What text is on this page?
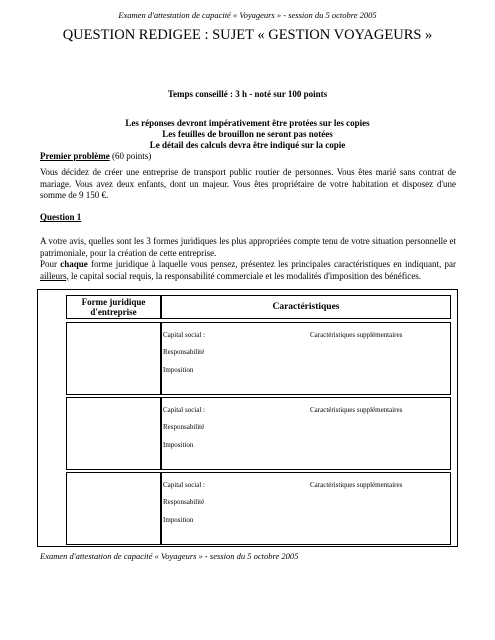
Examen d'attestation de capacité « Voyageurs » - session du 5 octobre 2005
QUESTION REDIGEE : SUJET « GESTION VOYAGEURS »
Temps conseillé : 3 h - noté sur 100 points
Les réponses devront impérativement être protées sur les copies
Les feuilles de brouillon ne seront pas notées
Le détail des calculs devra être indiqué sur la copie
Premier problème (60 points)
Vous décidez de créer une entreprise de transport public routier de personnes. Vous êtes marié sans contrat de mariage. Vous avez deux enfants, dont un majeur. Vous êtes propriétaire de votre habitation et disposez d'une somme de 9 150 €.
Question 1
A votre avis, quelles sont les 3 formes juridiques les plus appropriées compte tenu de votre situation personnelle et patrimoniale, pour la création de cette entreprise.
Pour chaque forme juridique à laquelle vous pensez, présentez les principales caractéristiques en indiquant, par ailleurs, le capital social requis, la responsabilité commerciale et les modalités d'imposition des bénéfices.
Forme juridique d'entreprise	Caractéristiques
Capital social :	Caractéristiques supplémentaires
Responsabilité
Imposition
Capital social :	Caractéristiques supplémentaires
Responsabilité
Imposition
Capital social :	Caractéristiques supplémentaires
Responsabilité
Imposition
Examen d'attestation de capacité « Voyageurs » - session du 5 octobre 2005
